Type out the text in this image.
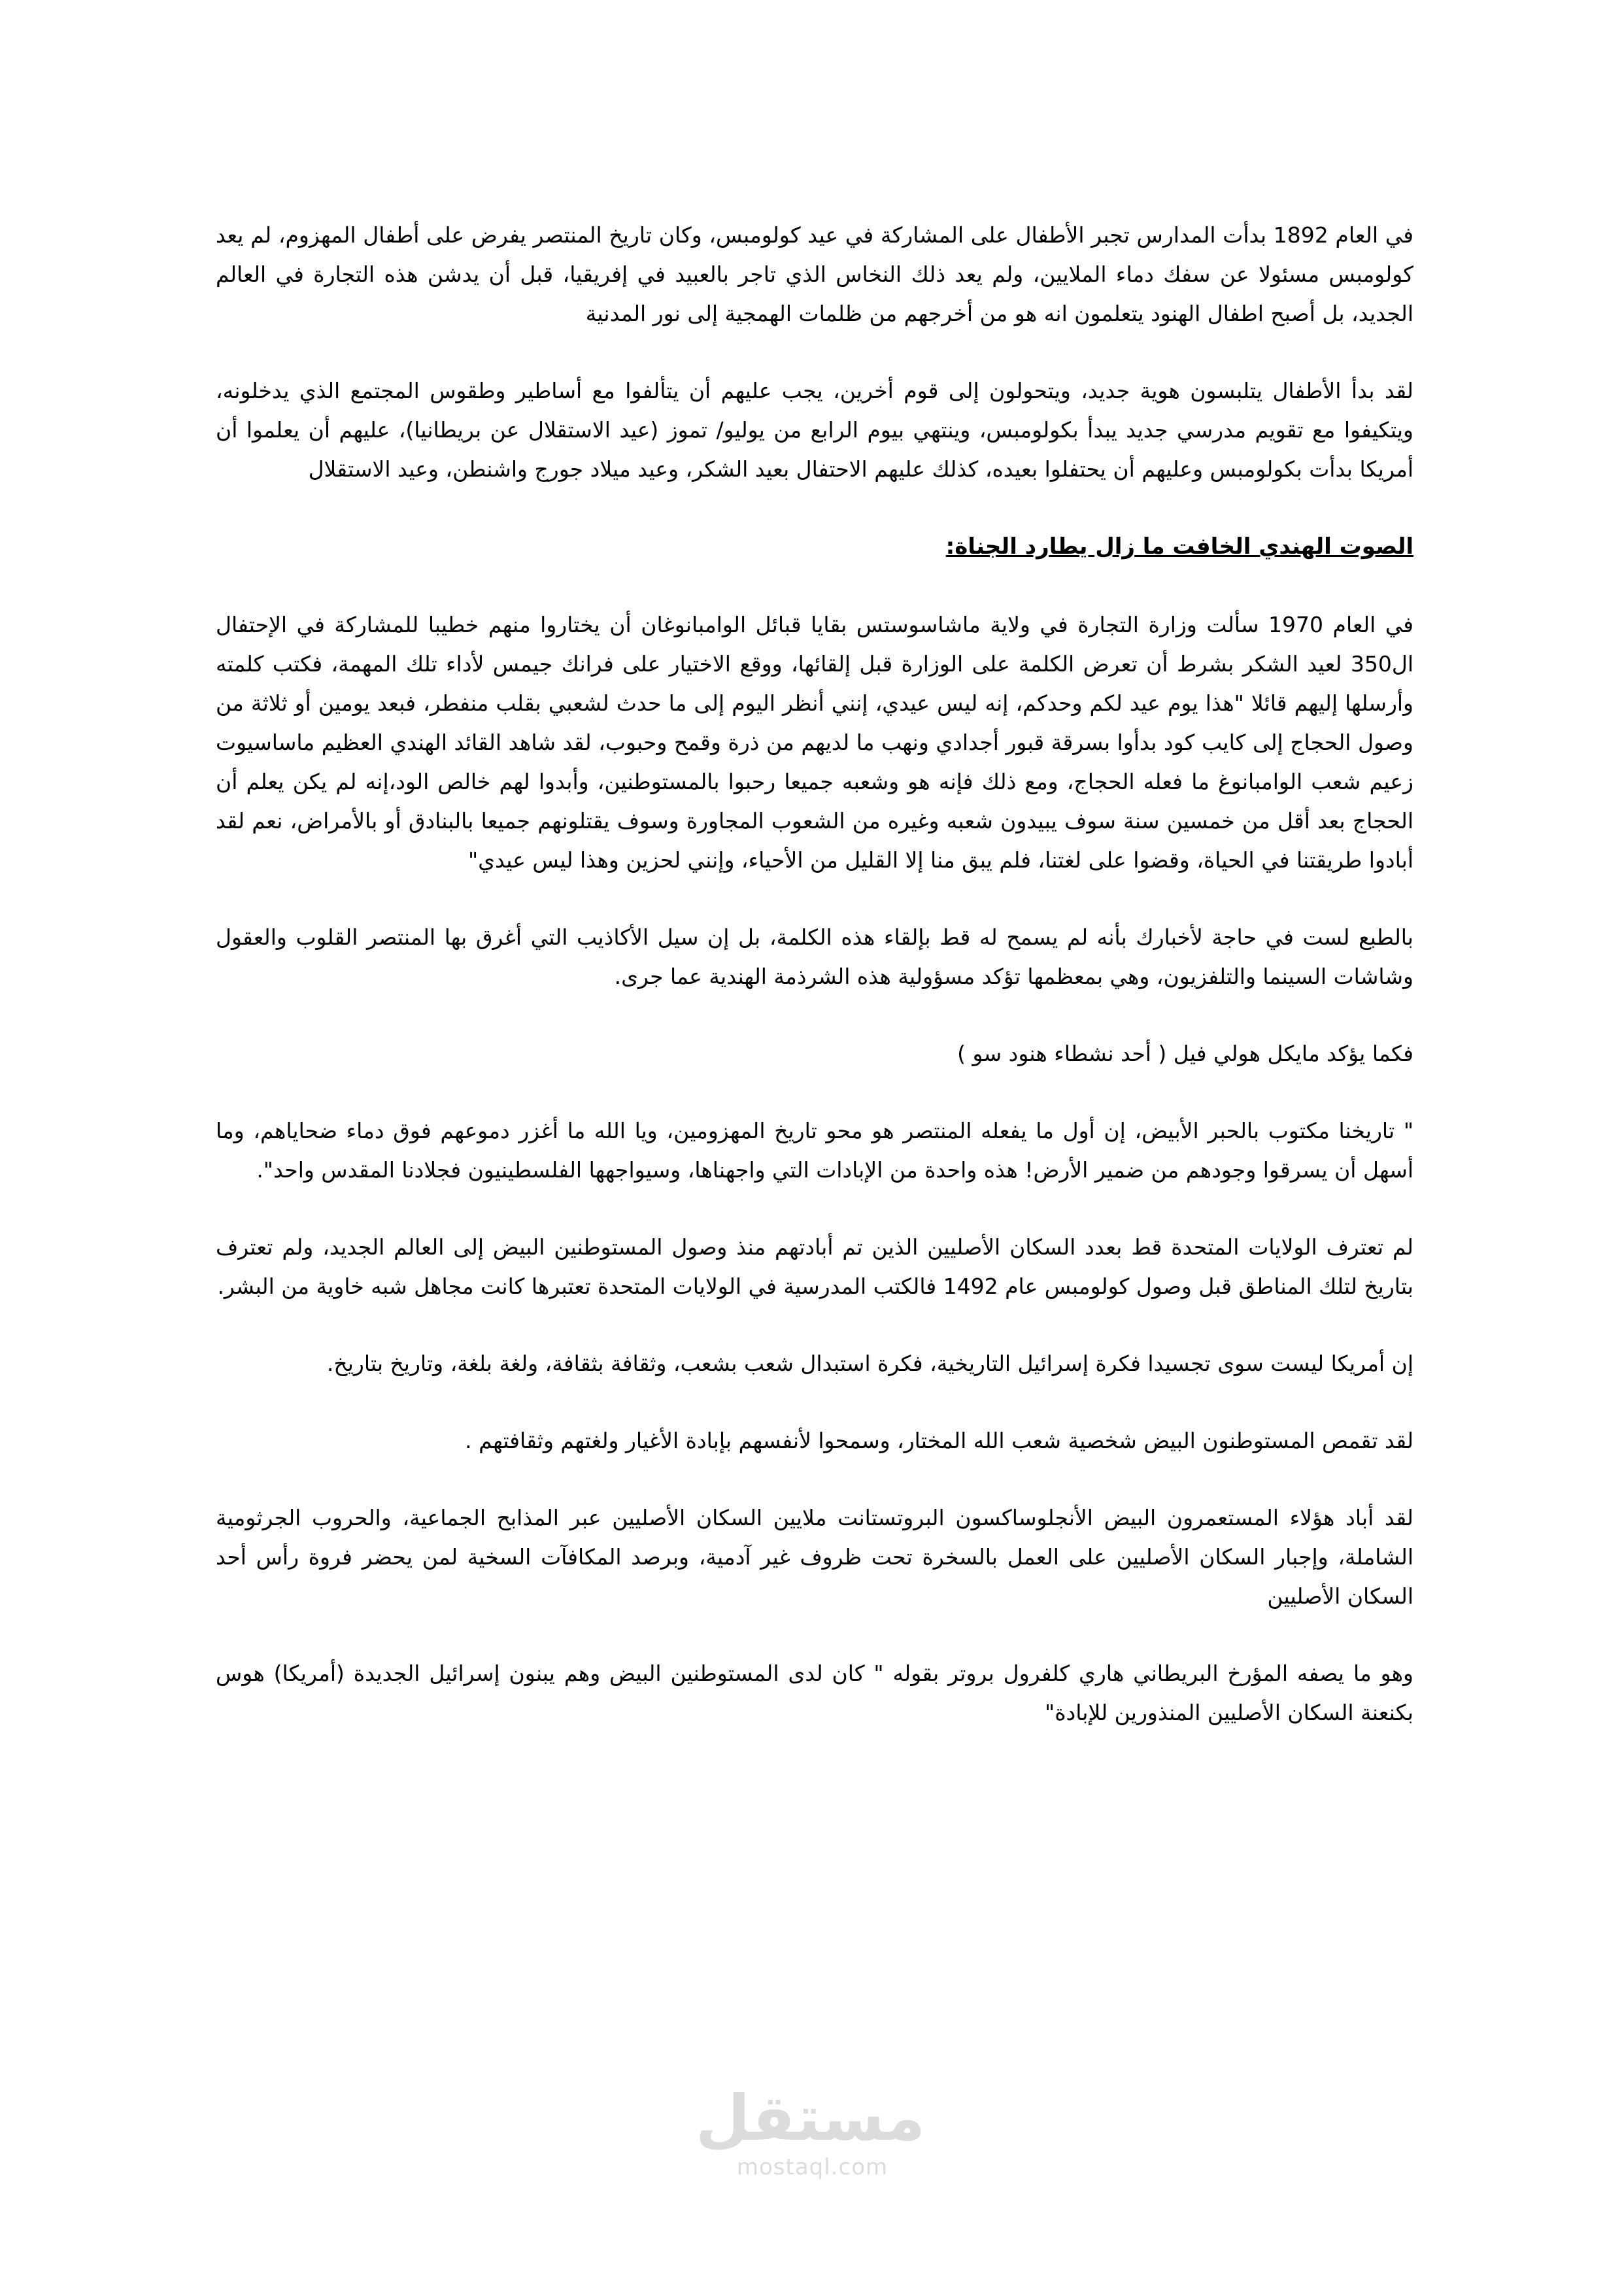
في العام 1892 بدأت المدارس تجبر الأطفال على المشاركة في عيد كولومبس، وكان تاريخ المنتصر يفرض على أطفال المهزوم، لم يعد كولومبس مسئولا عن سفك دماء الملايين، ولم يعد ذلك النخاس الذي تاجر بالعبيد في إفريقيا، قبل أن يدشن هذه التجارة في العالم الجديد، بل أصبح اطفال الهنود يتعلمون انه هو من أخرجهم من ظلمات الهمجية إلى نور المدنية

لقد بدأ الأطفال يتلبسون هوية جديد، ويتحولون إلى قوم أخرين، يجب عليهم أن يتألفوا مع أساطير وطقوس المجتمع الذي يدخلونه، ويتكيفوا مع تقويم مدرسي جديد يبدأ بكولومبس، وينتهي بيوم الرابع من يوليو/ تموز (عيد الاستقلال عن بريطانيا)، عليهم أن يعلموا أن أمريكا بدأت بكولومبس وعليهم أن يحتفلوا بعيده، كذلك عليهم الاحتفال بعيد الشكر، وعيد ميلاد جورج واشنطن، وعيد الاستقلال

الصوت الهندي الخافت ما زال يطارد الجناة:

في العام 1970 سألت وزارة التجارة في ولاية ماشاسوستس بقايا قبائل الوامبانوغان أن يختاروا منهم خطيبا للمشاركة في الإحتفال ال350 لعيد الشكر بشرط أن تعرض الكلمة على الوزارة قبل إلقائها، ووقع الاختيار على فرانك جيمس لأداء تلك المهمة، فكتب كلمته وأرسلها إليهم قائلا "هذا يوم عيد لكم وحدكم، إنه ليس عيدي، إنني أنظر اليوم إلى ما حدث لشعبي بقلب منفطر، فبعد يومين أو ثلاثة من وصول الحجاج إلى كايب كود بدأوا بسرقة قبور أجدادي ونهب ما لديهم من ذرة وقمح وحبوب، لقد شاهد القائد الهندي العظيم ماساسيوت زعيم شعب الوامبانوغ ما فعله الحجاج، ومع ذلك فإنه هو وشعبه جميعا رحبوا بالمستوطنين، وأبدوا لهم خالص الود،إنه لم يكن يعلم أن الحجاج بعد أقل من خمسين سنة سوف يبيدون شعبه وغيره من الشعوب المجاورة وسوف يقتلونهم جميعا بالبنادق أو بالأمراض، نعم لقد أبادوا طريقتنا في الحياة، وقضوا على لغتنا، فلم يبق منا إلا القليل من الأحياء، وإنني لحزين وهذا ليس عيدي"

بالطبع لست في حاجة لأخبارك بأنه لم يسمح له قط بإلقاء هذه الكلمة، بل إن سيل الأكاذيب التي أغرق بها المنتصر القلوب والعقول وشاشات السينما والتلفزيون، وهي بمعظمها تؤكد مسؤولية هذه الشرذمة الهندية عما جرى.

فكما يؤكد مايكل هولي فيل ( أحد نشطاء هنود سو )

" تاريخنا مكتوب بالحبر الأبيض، إن أول ما يفعله المنتصر هو محو تاريخ المهزومين، ويا الله ما أغزر دموعهم فوق دماء ضحاياهم، وما أسهل أن يسرقوا وجودهم من ضمير الأرض! هذه واحدة من الإبادات التي واجهناها، وسيواجهها الفلسطينيون فجلادنا المقدس واحد".

لم تعترف الولايات المتحدة قط بعدد السكان الأصليين الذين تم أبادتهم منذ وصول المستوطنين البيض إلى العالم الجديد، ولم تعترف بتاريخ لتلك المناطق قبل وصول كولومبس عام 1492 فالكتب المدرسية في الولايات المتحدة تعتبرها كانت مجاهل شبه خاوية من البشر.

إن أمريكا ليست سوى تجسيدا فكرة إسرائيل التاريخية، فكرة استبدال شعب بشعب، وثقافة بثقافة، ولغة بلغة، وتاريخ بتاريخ.

لقد تقمص المستوطنون البيض شخصية شعب الله المختار، وسمحوا لأنفسهم بإبادة الأغيار ولغتهم وثقافتهم .

لقد أباد هؤلاء المستعمرون البيض الأنجلوساكسون البروتستانت ملايين السكان الأصليين عبر المذابح الجماعية، والحروب الجرثومية الشاملة، وإجبار السكان الأصليين على العمل بالسخرة تحت ظروف غير آدمية، وبرصد المكافآت السخية لمن يحضر فروة رأس أحد السكان الأصليين

وهو ما يصفه المؤرخ البريطاني هاري كلفرول بروتر بقوله " كان لدى المستوطنين البيض وهم يبنون إسرائيل الجديدة (أمريكا) هوس بكنعنة السكان الأصليين المنذورين للإبادة"

مستقل
mostaql.com
